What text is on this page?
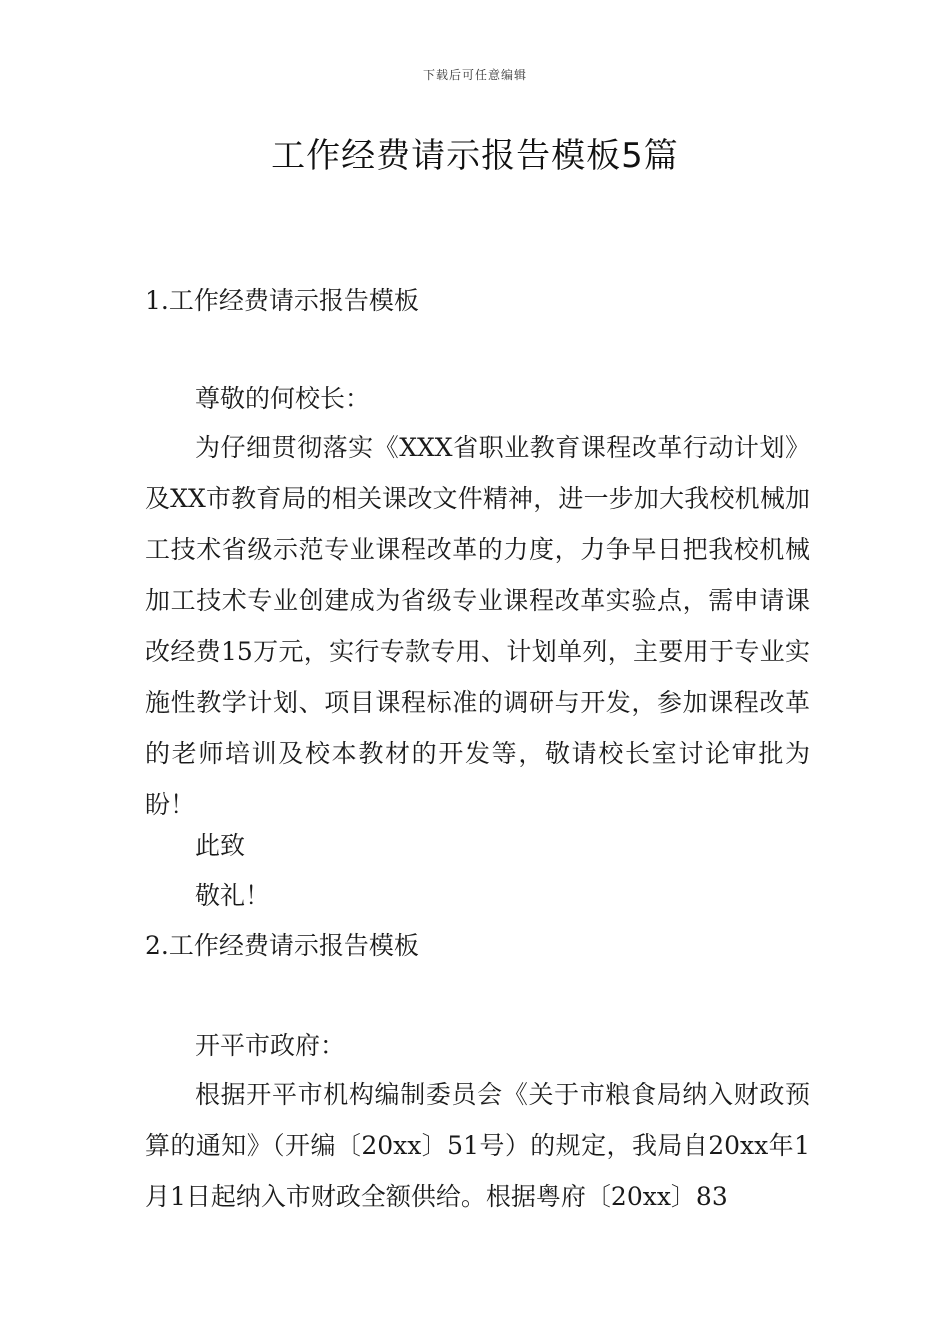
下载后可任意编辑
工作经费请示报告模板5篇
1.工作经费请示报告模板
尊敬的何校长：
为仔细贯彻落实《XXX省职业教育课程改革行动计划》及XX市教育局的相关课改文件精神，进一步加大我校机械加工技术省级示范专业课程改革的力度，力争早日把我校机械加工技术专业创建成为省级专业课程改革实验点，需申请课改经费15万元，实行专款专用、计划单列，主要用于专业实施性教学计划、项目课程标准的调研与开发，参加课程改革的老师培训及校本教材的开发等，敬请校长室讨论审批为盼！
此致
敬礼！
2.工作经费请示报告模板
开平市政府：
根据开平市机构编制委员会《关于市粮食局纳入财政预算的通知》（开编〔20xx〕51号）的规定，我局自20xx年1月1日起纳入市财政全额供给。根据粤府〔20xx〕83
